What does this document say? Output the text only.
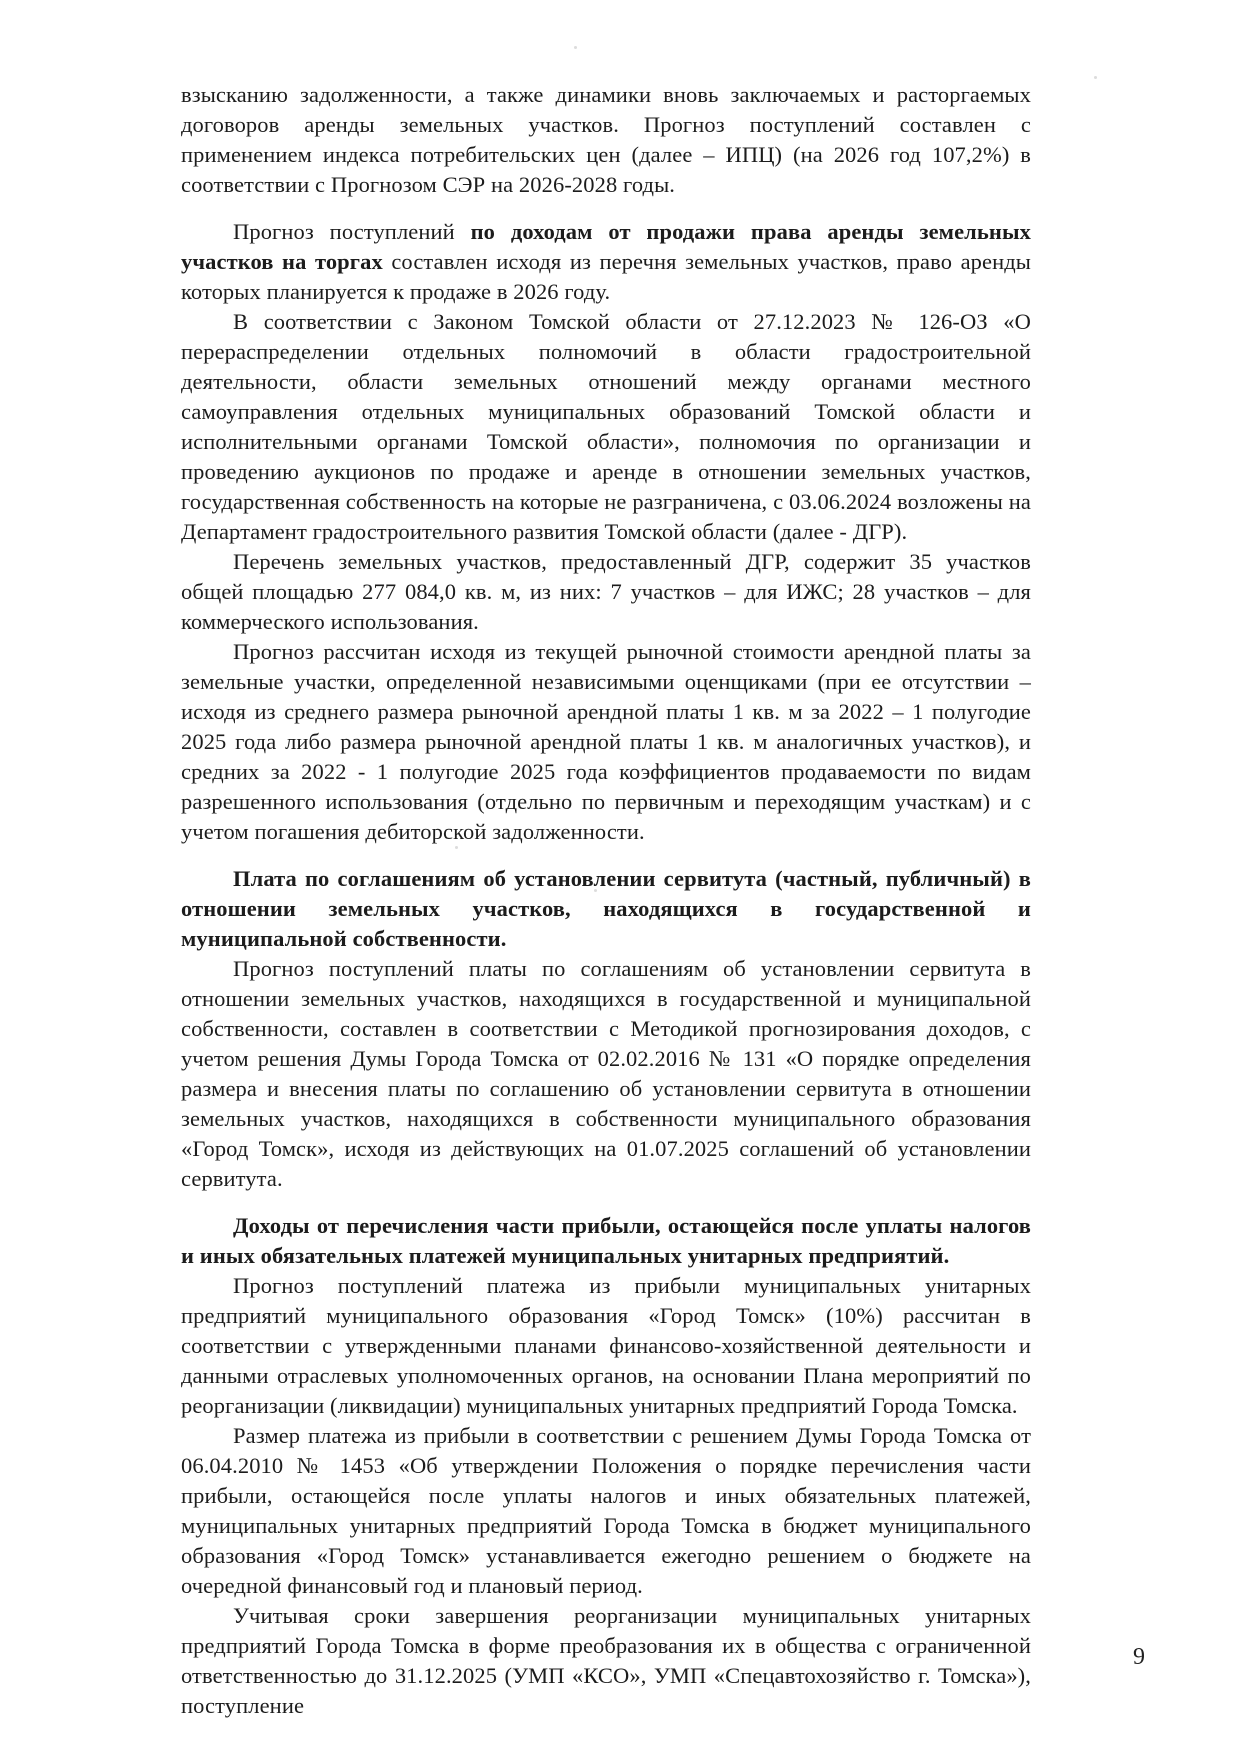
взысканию задолженности, а также динамики вновь заключаемых и расторгаемых договоров аренды земельных участков. Прогноз поступлений составлен с применением индекса потребительских цен (далее – ИПЦ) (на 2026 год 107,2%) в соответствии с Прогнозом СЭР на 2026-2028 годы.

Прогноз поступлений по доходам от продажи права аренды земельных участков на торгах составлен исходя из перечня земельных участков, право аренды которых планируется к продаже в 2026 году.

В соответствии с Законом Томской области от 27.12.2023 № 126-ОЗ «О перераспределении отдельных полномочий в области градостроительной деятельности, области земельных отношений между органами местного самоуправления отдельных муниципальных образований Томской области и исполнительными органами Томской области», полномочия по организации и проведению аукционов по продаже и аренде в отношении земельных участков, государственная собственность на которые не разграничена, с 03.06.2024 возложены на Департамент градостроительного развития Томской области (далее - ДГР).

Перечень земельных участков, предоставленный ДГР, содержит 35 участков общей площадью 277 084,0 кв. м, из них: 7 участков – для ИЖС; 28 участков – для коммерческого использования.

Прогноз рассчитан исходя из текущей рыночной стоимости арендной платы за земельные участки, определенной независимыми оценщиками (при ее отсутствии – исходя из среднего размера рыночной арендной платы 1 кв. м за 2022 – 1 полугодие 2025 года либо размера рыночной арендной платы 1 кв. м аналогичных участков), и средних за 2022 - 1 полугодие 2025 года коэффициентов продаваемости по видам разрешенного использования (отдельно по первичным и переходящим участкам) и с учетом погашения дебиторской задолженности.

Плата по соглашениям об установлении сервитута (частный, публичный) в отношении земельных участков, находящихся в государственной и муниципальной собственности.

Прогноз поступлений платы по соглашениям об установлении сервитута в отношении земельных участков, находящихся в государственной и муниципальной собственности, составлен в соответствии с Методикой прогнозирования доходов, с учетом решения Думы Города Томска от 02.02.2016 № 131 «О порядке определения размера и внесения платы по соглашению об установлении сервитута в отношении земельных участков, находящихся в собственности муниципального образования «Город Томск», исходя из действующих на 01.07.2025 соглашений об установлении сервитута.

Доходы от перечисления части прибыли, остающейся после уплаты налогов и иных обязательных платежей муниципальных унитарных предприятий.

Прогноз поступлений платежа из прибыли муниципальных унитарных предприятий муниципального образования «Город Томск» (10%) рассчитан в соответствии с утвержденными планами финансово-хозяйственной деятельности и данными отраслевых уполномоченных органов, на основании Плана мероприятий по реорганизации (ликвидации) муниципальных унитарных предприятий Города Томска.

Размер платежа из прибыли в соответствии с решением Думы Города Томска от 06.04.2010 № 1453 «Об утверждении Положения о порядке перечисления части прибыли, остающейся после уплаты налогов и иных обязательных платежей, муниципальных унитарных предприятий Города Томска в бюджет муниципального образования «Город Томск» устанавливается ежегодно решением о бюджете на очередной финансовый год и плановый период.

Учитывая сроки завершения реорганизации муниципальных унитарных предприятий Города Томска в форме преобразования их в общества с ограниченной ответственностью до 31.12.2025 (УМП «КСО», УМП «Спецавтохозяйство г. Томска»), поступление

9
